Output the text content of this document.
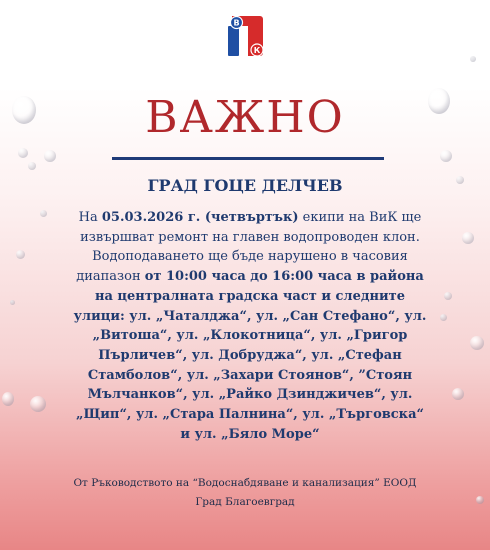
В
К
ВАЖНО
ГРАД ГОЦЕ ДЕЛЧЕВ
На 05.03.2026 г. (четвъртък) екипи на ВиК ще извършват ремонт на главен водопроводен клон. Водоподаването ще бъде нарушено в часовия диапазон от 10:00 часа до 16:00 часа в района на централната градска част и следните улици: ул. „Чаталджа“, ул. „Сан Стефано“, ул. „Витоша“, ул. „Клокотница“, ул. „Григор Пърличев“, ул. Добруджа“, ул. „Стефан Стамболов“, ул. „Захари Стоянов“, ”Стоян Мълчанков“, ул. „Райко Дзинджичев“, ул. „Щип“, ул. „Стара Палнина“, ул. „Търговска“ и ул. „Бяло Море“
От Ръководството на “Водоснабдяване и канализация” ЕООД
Град Благоевград
